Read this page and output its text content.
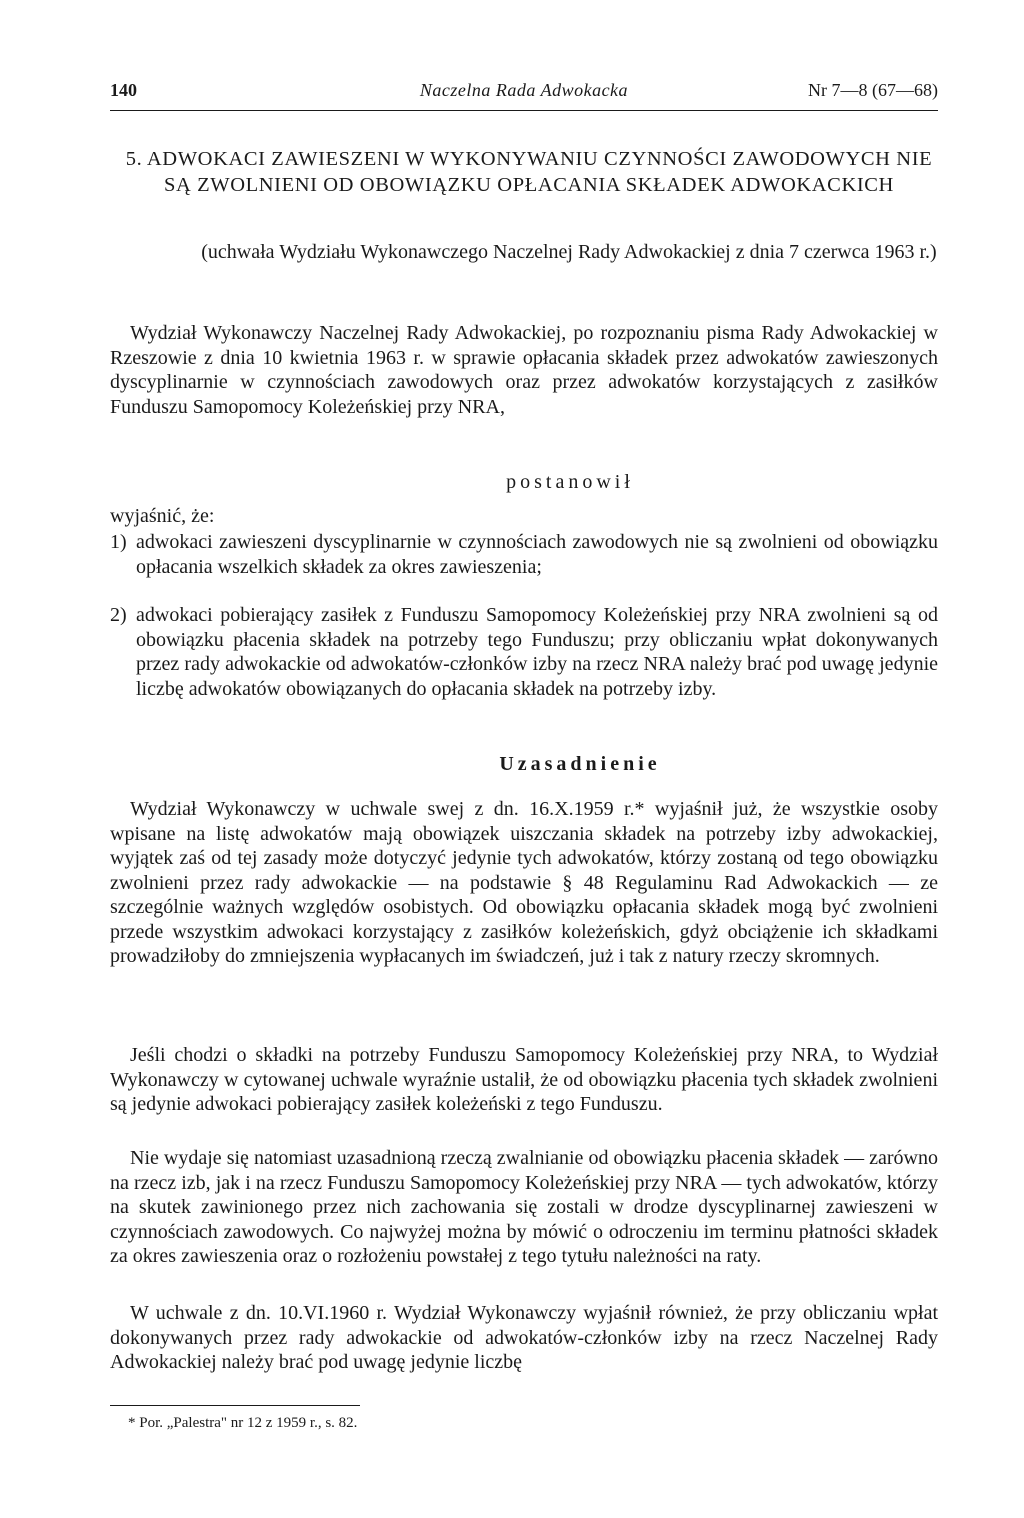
140	Naczelna Rada Adwokacka	Nr 7—8 (67—68)
5. ADWOKACI ZAWIESZENI W WYKONYWANIU CZYNNOŚCI ZAWODOWYCH NIE SĄ ZWOLNIENI OD OBOWIĄZKU OPŁACANIA SKŁADEK ADWOKACKICH
(uchwała Wydziału Wykonawczego Naczelnej Rady Adwokackiej z dnia 7 czerwca 1963 r.)
Wydział Wykonawczy Naczelnej Rady Adwokackiej, po rozpoznaniu pisma Rady Adwokackiej w Rzeszowie z dnia 10 kwietnia 1963 r. w sprawie opłacania składek przez adwokatów zawieszonych dyscyplinarnie w czynnościach zawodowych oraz przez adwokatów korzystających z zasiłków Funduszu Samopomocy Koleżeńskiej przy NRA,
postanowił
wyjaśnić, że:
1) adwokaci zawieszeni dyscyplinarnie w czynnościach zawodowych nie są zwolnieni od obowiązku opłacania wszelkich składek za okres zawieszenia;
2) adwokaci pobierający zasiłek z Funduszu Samopomocy Koleżeńskiej przy NRA zwolnieni są od obowiązku płacenia składek na potrzeby tego Funduszu; przy obliczaniu wpłat dokonywanych przez rady adwokackie od adwokatów-członków izby na rzecz NRA należy brać pod uwagę jedynie liczbę adwokatów obowiązanych do opłacania składek na potrzeby izby.
Uzasadnienie
Wydział Wykonawczy w uchwale swej z dn. 16.X.1959 r.* wyjaśnił już, że wszystkie osoby wpisane na listę adwokatów mają obowiązek uiszczania składek na potrzeby izby adwokackiej, wyjątek zaś od tej zasady może dotyczyć jedynie tych adwokatów, którzy zostaną od tego obowiązku zwolnieni przez rady adwokackie — na podstawie § 48 Regulaminu Rad Adwokackich — ze szczególnie ważnych względów osobistych. Od obowiązku opłacania składek mogą być zwolnieni przede wszystkim adwokaci korzystający z zasiłków koleżeńskich, gdyż obciążenie ich składkami prowadziłoby do zmniejszenia wypłacanych im świadczeń, już i tak z natury rzeczy skromnych.
Jeśli chodzi o składki na potrzeby Funduszu Samopomocy Koleżeńskiej przy NRA, to Wydział Wykonawczy w cytowanej uchwale wyraźnie ustalił, że od obowiązku płacenia tych składek zwolnieni są jedynie adwokaci pobierający zasiłek koleżeński z tego Funduszu.
Nie wydaje się natomiast uzasadnioną rzeczą zwalnianie od obowiązku płacenia składek — zarówno na rzecz izb, jak i na rzecz Funduszu Samopomocy Koleżeńskiej przy NRA — tych adwokatów, którzy na skutek zawinionego przez nich zachowania się zostali w drodze dyscyplinarnej zawieszeni w czynnościach zawodowych. Co najwyżej można by mówić o odroczeniu im terminu płatności składek za okres zawieszenia oraz o rozłożeniu powstałej z tego tytułu należności na raty.
W uchwale z dn. 10.VI.1960 r. Wydział Wykonawczy wyjaśnił również, że przy obliczaniu wpłat dokonywanych przez rady adwokackie od adwokatów-członków izby na rzecz Naczelnej Rady Adwokackiej należy brać pod uwagę jedynie liczbę
* Por. „Palestra" nr 12 z 1959 r., s. 82.
